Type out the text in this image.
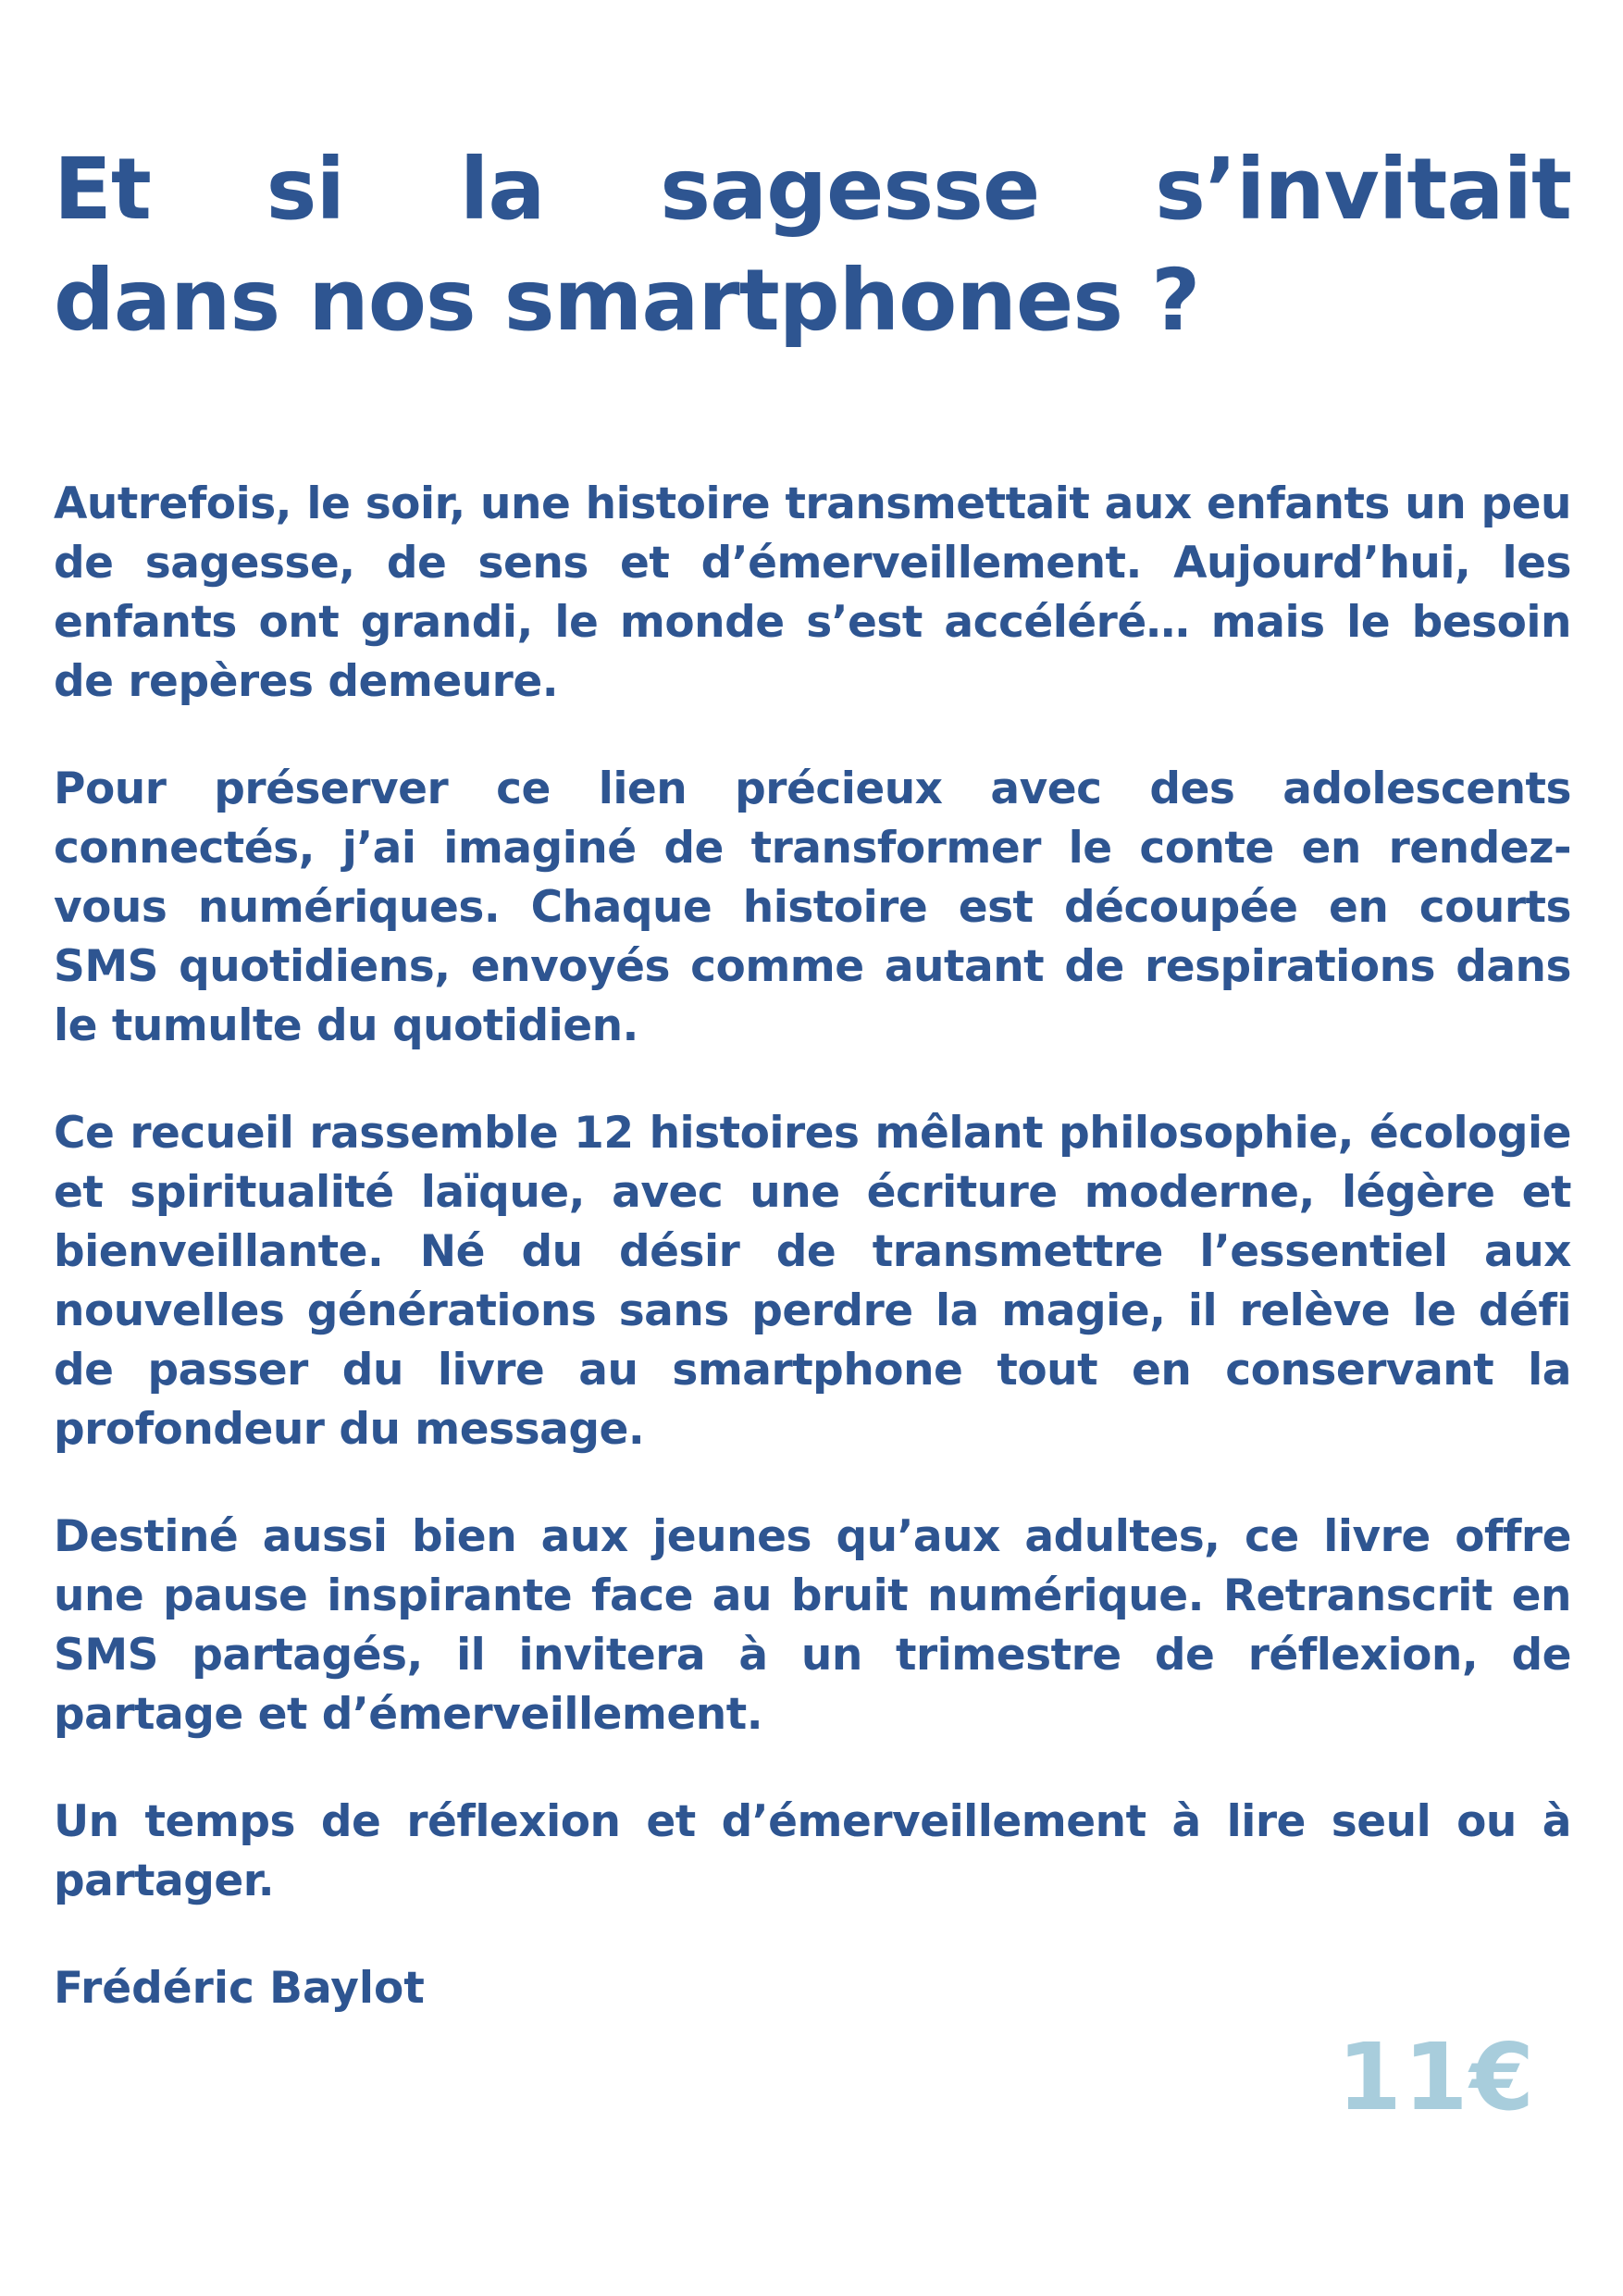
Et si la sagesse s’invitait
dans nos smartphones ?

Autrefois, le soir, une histoire transmettait aux enfants un peu de sagesse, de sens et d’émerveillement. Aujourd’hui, les enfants ont grandi, le monde s’est accéléré… mais le besoin de repères demeure.

Pour préserver ce lien précieux avec des adolescents connectés, j’ai imaginé de transformer le conte en rendez-vous numériques. Chaque histoire est découpée en courts SMS quotidiens, envoyés comme autant de respirations dans le tumulte du quotidien.

Ce recueil rassemble 12 histoires mêlant philosophie, écologie et spiritualité laïque, avec une écriture moderne, légère et bienveillante. Né du désir de transmettre l’essentiel aux nouvelles générations sans perdre la magie, il relève le défi de passer du livre au smartphone tout en conservant la profondeur du message.

Destiné aussi bien aux jeunes qu’aux adultes, ce livre offre une pause inspirante face au bruit numérique. Retranscrit en SMS partagés, il invitera à un trimestre de réflexion, de partage et d’émerveillement.

Un temps de réflexion et d’émerveillement à lire seul ou à partager.

Frédéric Baylot

11€
